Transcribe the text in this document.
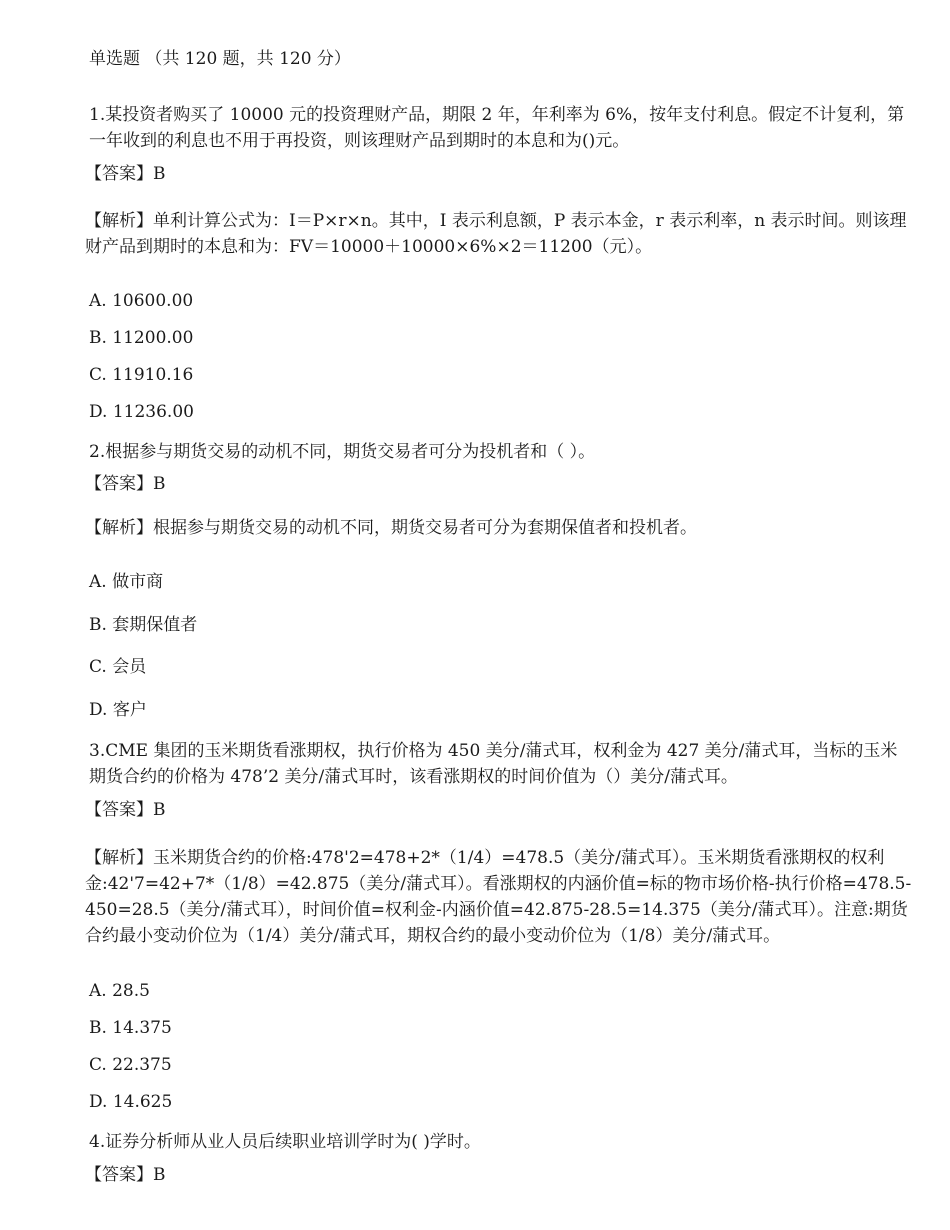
单选题 （共 120 题，共 120 分）
1.某投资者购买了 10000 元的投资理财产品，期限 2 年，年利率为 6%，按年支付利息。假定不计复利，第一年收到的利息也不用于再投资，则该理财产品到期时的本息和为()元。
【答案】B
【解析】单利计算公式为：I＝P×r×n。其中，I 表示利息额，P 表示本金，r 表示利率，n 表示时间。则该理财产品到期时的本息和为：FV＝10000＋10000×6%×2＝11200（元）。
A. 10600.00
B. 11200.00
C. 11910.16
D. 11236.00
2.根据参与期货交易的动机不同，期货交易者可分为投机者和（ ）。
【答案】B
【解析】根据参与期货交易的动机不同，期货交易者可分为套期保值者和投机者。
A. 做市商
B. 套期保值者
C. 会员
D. 客户
3.CME 集团的玉米期货看涨期权，执行价格为 450 美分/蒲式耳，权利金为 427 美分/蒲式耳，当标的玉米期货合约的价格为 478’2 美分/蒲式耳时，该看涨期权的时间价值为（）美分/蒲式耳。
【答案】B
【解析】玉米期货合约的价格:478'2=478+2*（1/4）=478.5（美分/蒲式耳）。玉米期货看涨期权的权利金:42'7=42+7*（1/8）=42.875（美分/蒲式耳）。看涨期权的内涵价值=标的物市场价格-执行价格=478.5-450=28.5（美分/蒲式耳），时间价值=权利金-内涵价值=42.875-28.5=14.375（美分/蒲式耳）。注意:期货合约最小变动价位为（1/4）美分/蒲式耳，期权合约的最小变动价位为（1/8）美分/蒲式耳。
A. 28.5
B. 14.375
C. 22.375
D. 14.625
4.证券分析师从业人员后续职业培训学时为( )学时。
【答案】B
